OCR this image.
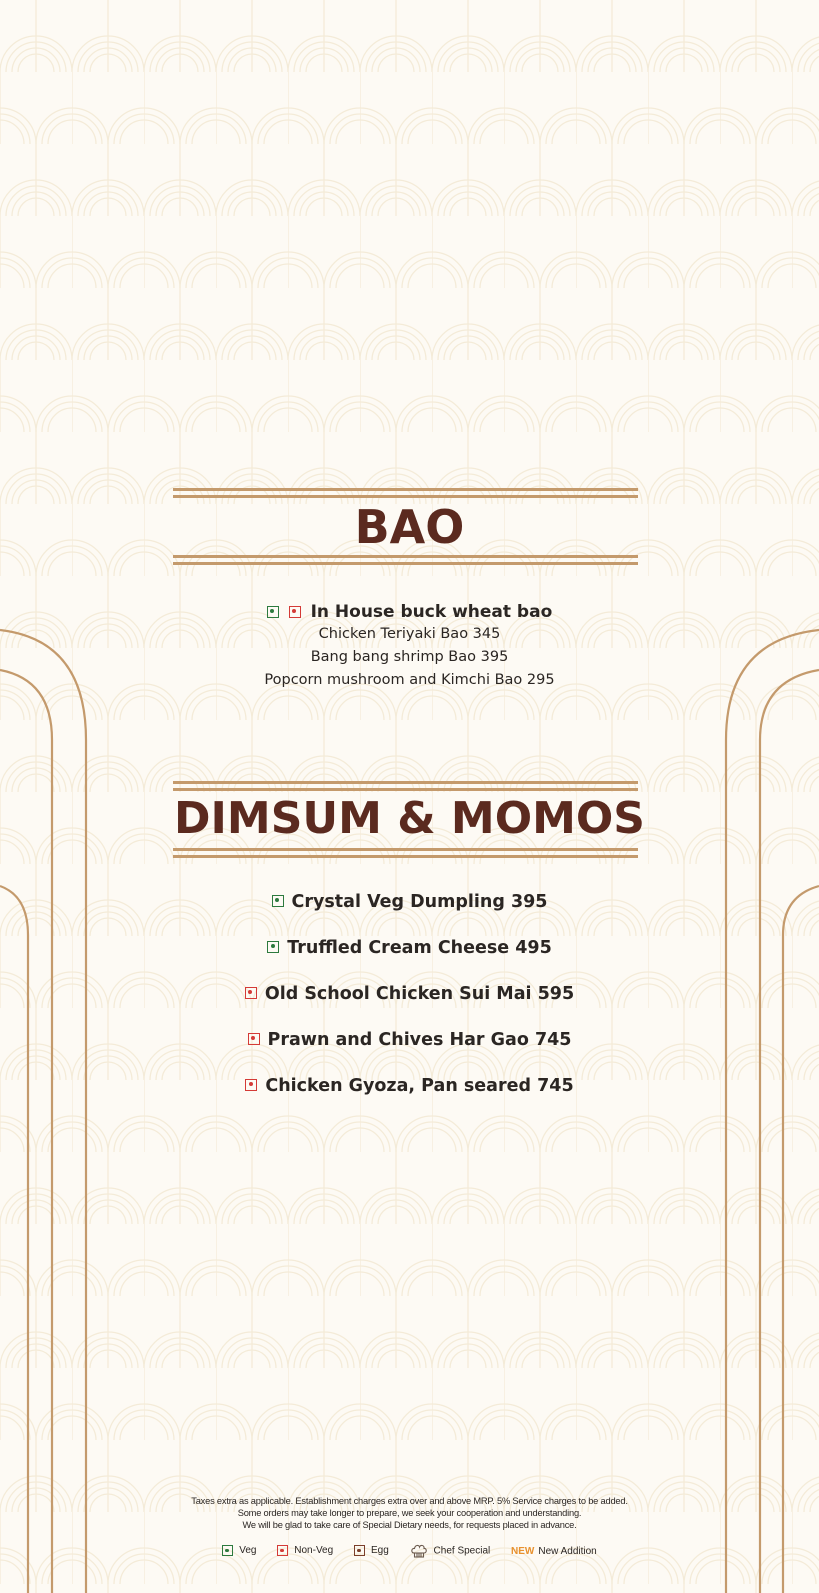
BAO
In House buck wheat bao
Chicken Teriyaki Bao 345
Bang bang shrimp Bao 395
Popcorn mushroom and Kimchi Bao 295
DIMSUM & MOMOS
Crystal Veg Dumpling 395
Truffled Cream Cheese 495
Old School Chicken Sui Mai 595
Prawn and Chives Har Gao 745
Chicken Gyoza, Pan seared 745
Taxes extra as applicable. Establishment charges extra over and above MRP. 5% Service charges to be added.
Some orders may take longer to prepare, we seek your cooperation and understanding.
We will be glad to take care of Special Dietary needs, for requests placed in advance.
Veg	Non-Veg	Egg	Chef Special NEW New Addition
